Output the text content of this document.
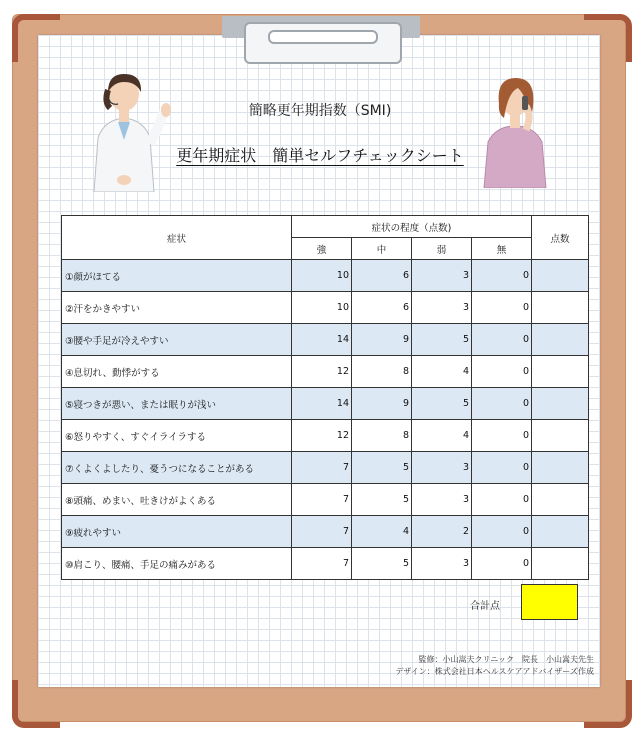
簡略更年期指数（SMI)
更年期症状　簡単セルフチェックシート
症状	症状の程度（点数)				点数
	強	中	弱	無	
①顔がほてる	10	6	3	0	
②汗をかきやすい	10	6	3	0	
③腰や手足が冷えやすい	14	9	5	0	
④息切れ、動悸がする	12	8	4	0	
⑤寝つきが悪い、または眠りが浅い	14	9	5	0	
⑥怒りやすく、すぐイライラする	12	8	4	0	
⑦くよくよしたり、憂うつになることがある	7	5	3	0	
⑧頭痛、めまい、吐きけがよくある	7	5	3	0	
⑨疲れやすい	7	4	2	0	
⑩肩こり、腰痛、手足の痛みがある	7	5	3	0	
合計点
監修：小山嵩夫クリニック　院長　小山嵩夫先生
デザイン：株式会社日本ヘルスケアアドバイザーズ作成
